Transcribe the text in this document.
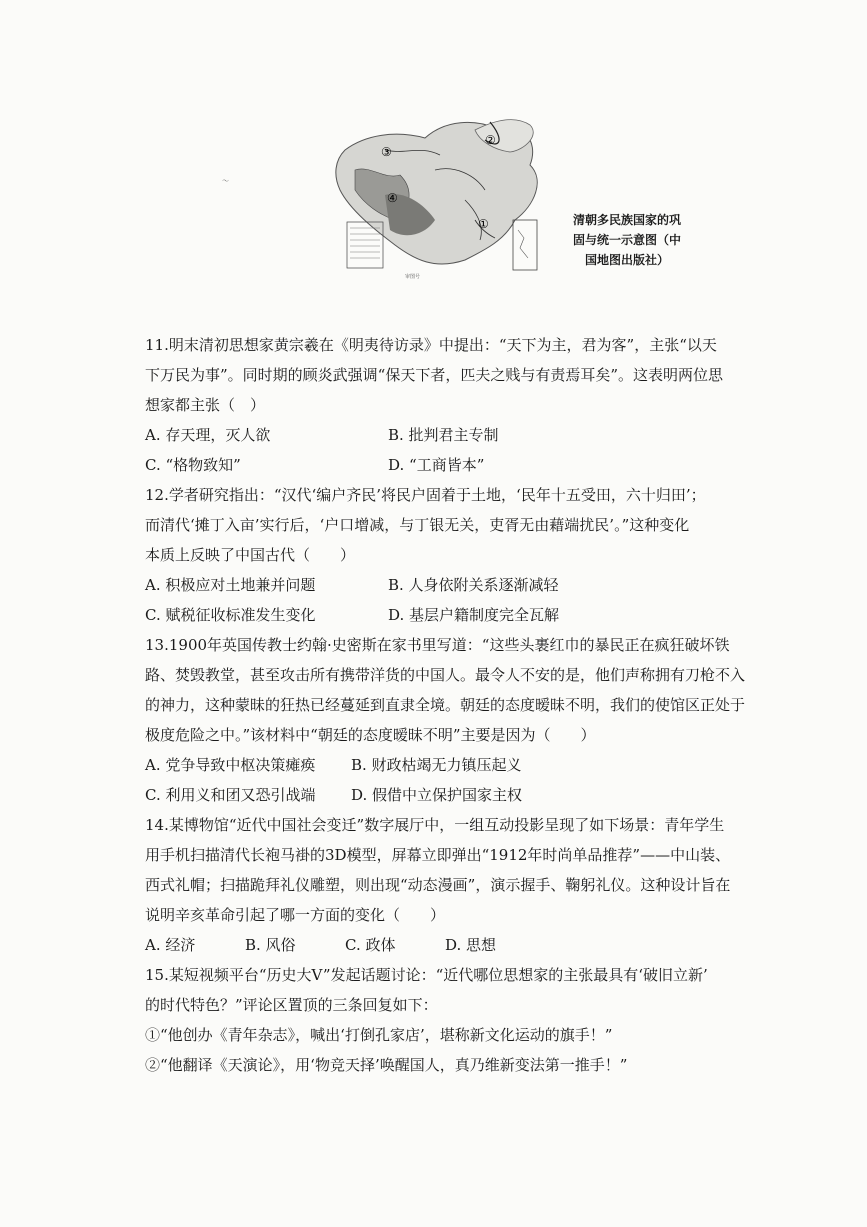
③
②
④
①
审图号
清朝多民族国家的巩
固与统一示意图（中
国地图出版社）
～
11.明末清初思想家黄宗羲在《明夷待访录》中提出：“天下为主，君为客”，主张“以天
下万民为事”。同时期的顾炎武强调“保天下者，匹夫之贱与有责焉耳矣”。这表明两位思
想家都主张（　）
A. 存天理，灭人欲	B. 批判君主专制
C. “格物致知”	D. “工商皆本”
12.学者研究指出：“汉代‘编户齐民’将民户固着于土地，‘民年十五受田，六十归田’；
而清代‘摊丁入亩’实行后，‘户口增减，与丁银无关，吏胥无由藉端扰民’。”这种变化
本质上反映了中国古代（　　）
A. 积极应对土地兼并问题	B. 人身依附关系逐渐减轻
C. 赋税征收标准发生变化	D. 基层户籍制度完全瓦解
13.1900年英国传教士约翰·史密斯在家书里写道：“这些头裹红巾的暴民正在疯狂破坏铁
路、焚毁教堂，甚至攻击所有携带洋货的中国人。最令人不安的是，他们声称拥有刀枪不入
的神力，这种蒙昧的狂热已经蔓延到直隶全境。朝廷的态度暧昧不明，我们的使馆区正处于
极度危险之中。”该材料中“朝廷的态度暧昧不明”主要是因为（　　）
A. 党争导致中枢决策瘫痪	B. 财政枯竭无力镇压起义
C. 利用义和团又恐引战端	D. 假借中立保护国家主权
14.某博物馆“近代中国社会变迁”数字展厅中，一组互动投影呈现了如下场景：青年学生
用手机扫描清代长袍马褂的3D模型，屏幕立即弹出“1912年时尚单品推荐”——中山装、
西式礼帽；扫描跪拜礼仪雕塑，则出现“动态漫画”，演示握手、鞠躬礼仪。这种设计旨在
说明辛亥革命引起了哪一方面的变化（　　）
A. 经济	B. 风俗	C. 政体	D. 思想
15.某短视频平台“历史大V”发起话题讨论：“近代哪位思想家的主张最具有‘破旧立新’
的时代特色？”评论区置顶的三条回复如下：
①“他创办《青年杂志》，喊出‘打倒孔家店’，堪称新文化运动的旗手！”
②“他翻译《天演论》，用‘物竞天择’唤醒国人，真乃维新变法第一推手！”
